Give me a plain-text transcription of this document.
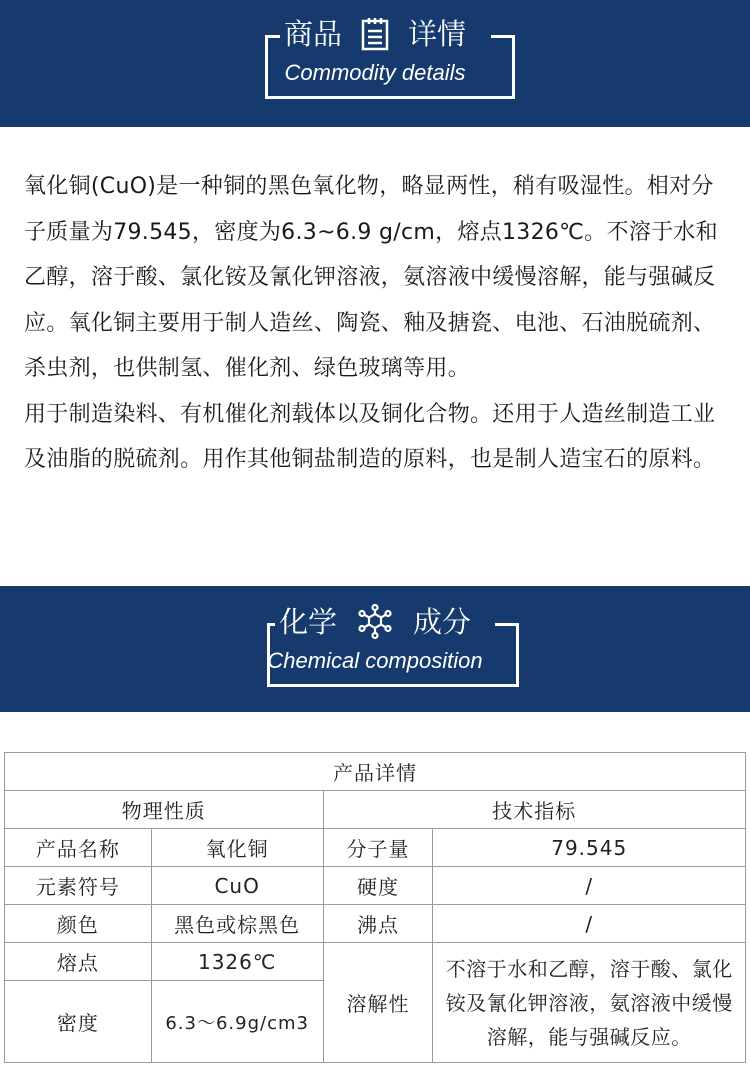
商品 详情
Commodity details

氧化铜(CuO)是一种铜的黑色氧化物，略显两性，稍有吸湿性。相对分子质量为79.545，密度为6.3~6.9 g/cm，熔点1326℃。不溶于水和乙醇，溶于酸、氯化铵及氰化钾溶液，氨溶液中缓慢溶解，能与强碱反应。氧化铜主要用于制人造丝、陶瓷、釉及搪瓷、电池、石油脱硫剂、杀虫剂，也供制氢、催化剂、绿色玻璃等用。

用于制造染料、有机催化剂载体以及铜化合物。还用于人造丝制造工业及油脂的脱硫剂。用作其他铜盐制造的原料，也是制人造宝石的原料。

化学	成分
Chemical composition
产品详情			
物理性质		技术指标	
产品名称	氧化铜	分子量	79.545
元素符号	CuO	硬度	/
颜色	黑色或棕黑色	沸点	/
熔点	1326℃	溶解性	不溶于水和乙醇，溶于酸、氯化铵及氰化钾溶液，氨溶液中缓慢溶解，能与强碱反应。
密度	6.3～6.9g/cm3		
